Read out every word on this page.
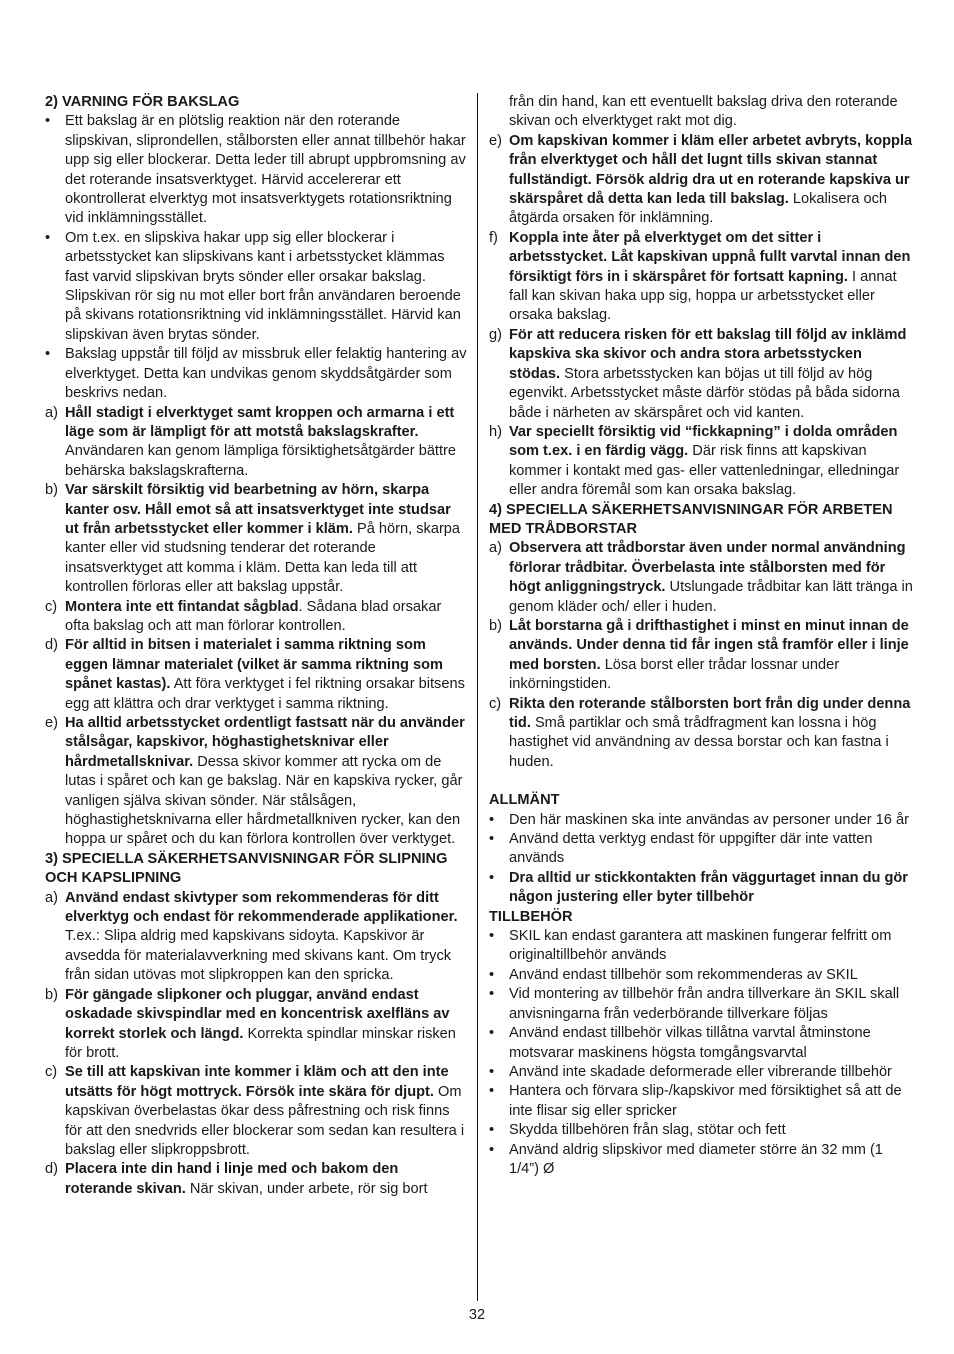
2) VARNING FÖR BAKSLAG
• Ett bakslag är en plötslig reaktion när den roterande slipskivan, sliprondellen, stålborsten eller annat tillbehör hakar upp sig eller blockerar. Detta leder till abrupt uppbromsning av det roterande insatsverktyget. Härvid accelererar ett okontrollerat elverktyg mot insatsverktygets rotationsriktning vid inklämningsstället.
• Om t.ex. en slipskiva hakar upp sig eller blockerar i arbetsstycket kan slipskivans kant i arbetsstycket klämmas fast varvid slipskivan bryts sönder eller orsakar bakslag. Slipskivan rör sig nu mot eller bort från användaren beroende på skivans rotationsriktning vid inklämningsstället. Härvid kan slipskivan även brytas sönder.
• Bakslag uppstår till följd av missbruk eller felaktig hantering av elverktyget. Detta kan undvikas genom skyddsåtgärder som beskrivs nedan.
a) Håll stadigt i elverktyget samt kroppen och armarna i ett läge som är lämpligt för att motstå bakslagskrafter. Användaren kan genom lämpliga försiktighetsåtgärder bättre behärska bakslagskrafterna.
b) Var särskilt försiktig vid bearbetning av hörn, skarpa kanter osv. Håll emot så att insatsverktyget inte studsar ut från arbetsstycket eller kommer i kläm. På hörn, skarpa kanter eller vid studsning tenderar det roterande insatsverktyget att komma i kläm. Detta kan leda till att kontrollen förloras eller att bakslag uppstår.
c) Montera inte ett fintandat sågblad. Sådana blad orsakar ofta bakslag och att man förlorar kontrollen.
d) För alltid in bitsen i materialet i samma riktning som eggen lämnar materialet (vilket är samma riktning som spånet kastas). Att föra verktyget i fel riktning orsakar bitsens egg att klättra och drar verktyget i samma riktning.
e) Ha alltid arbetsstycket ordentligt fastsatt när du använder stålsågar, kapskivor, höghastighetsknivar eller hårdmetallsknivar. Dessa skivor kommer att rycka om de lutas i spåret och kan ge bakslag. När en kapskiva rycker, går vanligen själva skivan sönder. När stålsågen, höghastighetsknivarna eller hårdmetallkniven rycker, kan den hoppa ur spåret och du kan förlora kontrollen över verktyget.
3) SPECIELLA SÄKERHETSANVISNINGAR FÖR SLIPNING OCH KAPSLIPNING
a) Använd endast skivtyper som rekommenderas för ditt elverktyg och endast för rekommenderade applikationer. T.ex.: Slipa aldrig med kapskivans sidoyta. Kapskivor är avsedda för materialavverkning med skivans kant. Om tryck från sidan utövas mot slipkroppen kan den spricka.
b) För gängade slipkoner och pluggar, använd endast oskadade skivspindlar med en koncentrisk axelfläns av korrekt storlek och längd. Korrekta spindlar minskar risken för brott.
c) Se till att kapskivan inte kommer i kläm och att den inte utsätts för högt mottryck. Försök inte skära för djupt. Om kapskivan överbelastas ökar dess påfrestning och risk finns för att den snedvrids eller blockerar som sedan kan resultera i bakslag eller slipkroppsbrott.
d) Placera inte din hand i linje med och bakom den roterande skivan. När skivan, under arbete, rör sig bort
från din hand, kan ett eventuellt bakslag driva den roterande skivan och elverktyget rakt mot dig.
e) Om kapskivan kommer i kläm eller arbetet avbryts, koppla från elverktyget och håll det lugnt tills skivan stannat fullständigt. Försök aldrig dra ut en roterande kapskiva ur skärspåret då detta kan leda till bakslag. Lokalisera och åtgärda orsaken för inklämning.
f) Koppla inte åter på elverktyget om det sitter i arbetsstycket. Låt kapskivan uppnå fullt varvtal innan den försiktigt förs in i skärspåret för fortsatt kapning. I annat fall kan skivan haka upp sig, hoppa ur arbetsstycket eller orsaka bakslag.
g) För att reducera risken för ett bakslag till följd av inklämd kapskiva ska skivor och andra stora arbetsstycken stödas. Stora arbetsstycken kan böjas ut till följd av hög egenvikt. Arbetsstycket måste därför stödas på båda sidorna både i närheten av skärspåret och vid kanten.
h) Var speciellt försiktig vid “fickkapning” i dolda områden som t.ex. i en färdig vägg. Där risk finns att kapskivan kommer i kontakt med gas- eller vattenledningar, elledningar eller andra föremål som kan orsaka bakslag.
4) SPECIELLA SÄKERHETSANVISNINGAR FÖR ARBETEN MED TRÅDBORSTAR
a) Observera att trådborstar även under normal användning förlorar trådbitar. Överbelasta inte stålborsten med för högt anliggningstryck. Utslungade trådbitar kan lätt tränga in genom kläder och/ eller i huden.
b) Låt borstarna gå i drifthastighet i minst en minut innan de används. Under denna tid får ingen stå framför eller i linje med borsten. Lösa borst eller trådar lossnar under inkörningstiden.
c) Rikta den roterande stålborsten bort från dig under denna tid. Små partiklar och små trådfragment kan lossna i hög hastighet vid användning av dessa borstar och kan fastna i huden.
ALLMÄNT
• Den här maskinen ska inte användas av personer under 16 år
• Använd detta verktyg endast för uppgifter där inte vatten används
• Dra alltid ur stickkontakten från väggurtaget innan du gör någon justering eller byter tillbehör
TILLBEHÖR
• SKIL kan endast garantera att maskinen fungerar felfritt om originaltillbehör används
• Använd endast tillbehör som rekommenderas av SKIL
• Vid montering av tillbehör från andra tillverkare än SKIL skall anvisningarna från vederbörande tillverkare följas
• Använd endast tillbehör vilkas tillåtna varvtal åtminstone motsvarar maskinens högsta tomgångsvarvtal
• Använd inte skadade deformerade eller vibrerande tillbehör
• Hantera och förvara slip-/kapskivor med försiktighet så att de inte flisar sig eller spricker
• Skydda tillbehören från slag, stötar och fett
• Använd aldrig slipskivor med diameter större än 32 mm (1 1/4”) Ø
32
